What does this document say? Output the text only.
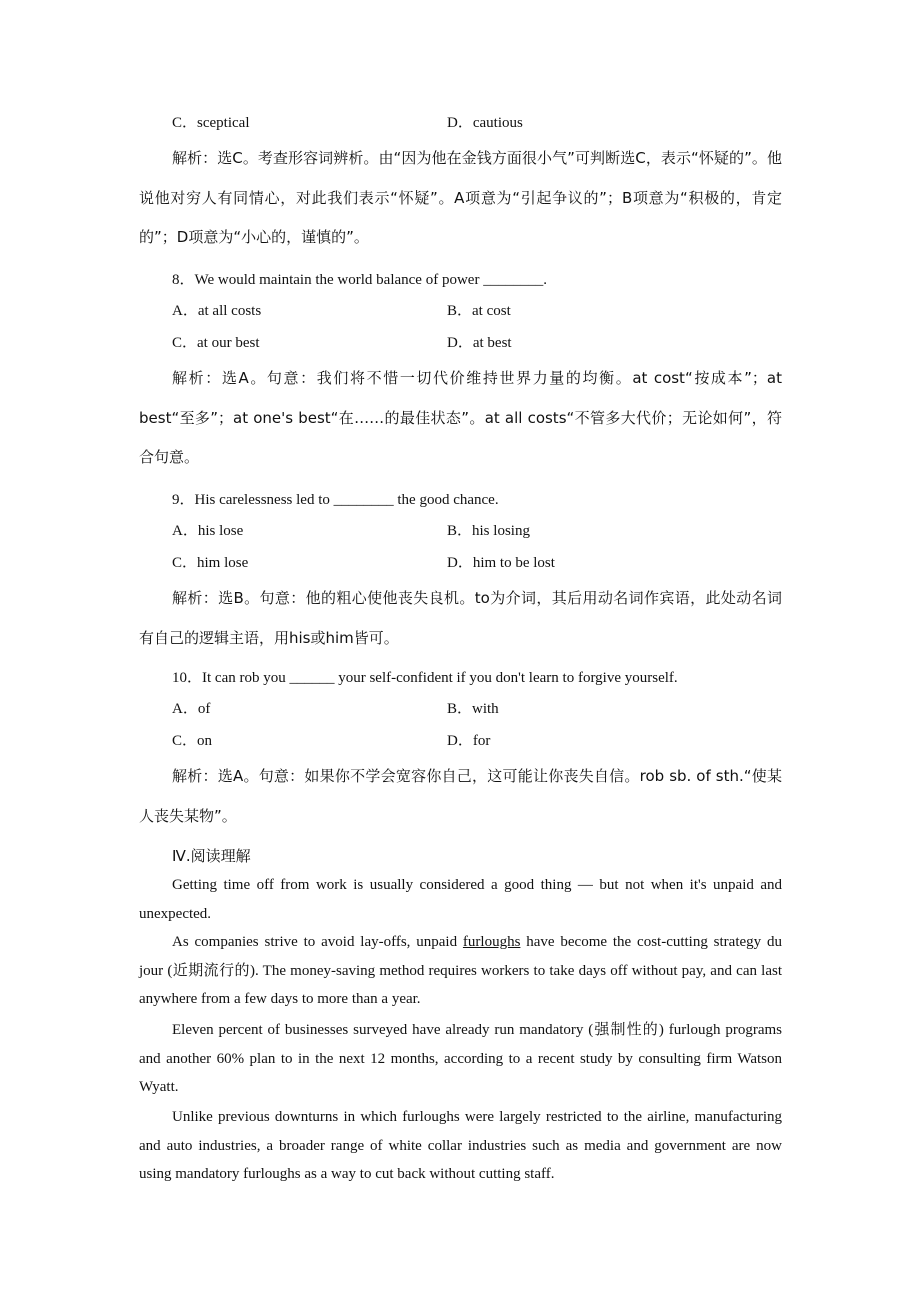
C．sceptical	D．cautious
解析：选C。考查形容词辨析。由“因为他在金钱方面很小气”可判断选C，表示“怀疑的”。他说他对穷人有同情心，对此我们表示“怀疑”。A项意为“引起争议的”；B项意为“积极的，肯定的”；D项意为“小心的，谨慎的”。
8．We would maintain the world balance of power ________.
A．at all costs	B．at cost
C．at our best	D．at best
解析：选A。句意：我们将不惜一切代价维持世界力量的均衡。at cost“按成本”；at best“至多”；at one's best“在……的最佳状态”。at all costs“不管多大代价；无论如何”，符合句意。
9．His carelessness led to ________ the good chance.
A．his lose	B．his losing
C．him lose	D．him to be lost
解析：选B。句意：他的粗心使他丧失良机。to为介词，其后用动名词作宾语，此处动名词有自己的逻辑主语，用his或him皆可。
10．It can rob you ______ your self-confident if you don't learn to forgive yourself.
A．of	B．with
C．on	D．for
解析：选A。句意：如果你不学会宽容你自己，这可能让你丧失自信。rob sb. of sth.“使某人丧失某物”。
Ⅳ.阅读理解
Getting time off from work is usually considered a good thing — but not when it's unpaid and unexpected.
As companies strive to avoid lay-offs, unpaid furloughs have become the cost-cutting strategy du jour (近期流行的). The money-saving method requires workers to take days off without pay, and can last anywhere from a few days to more than a year.
Eleven percent of businesses surveyed have already run mandatory (强制性的) furlough programs and another 60% plan to in the next 12 months, according to a recent study by consulting firm Watson Wyatt.
Unlike previous downturns in which furloughs were largely restricted to the airline, manufacturing and auto industries, a broader range of white collar industries such as media and government are now using mandatory furloughs as a way to cut back without cutting staff.
